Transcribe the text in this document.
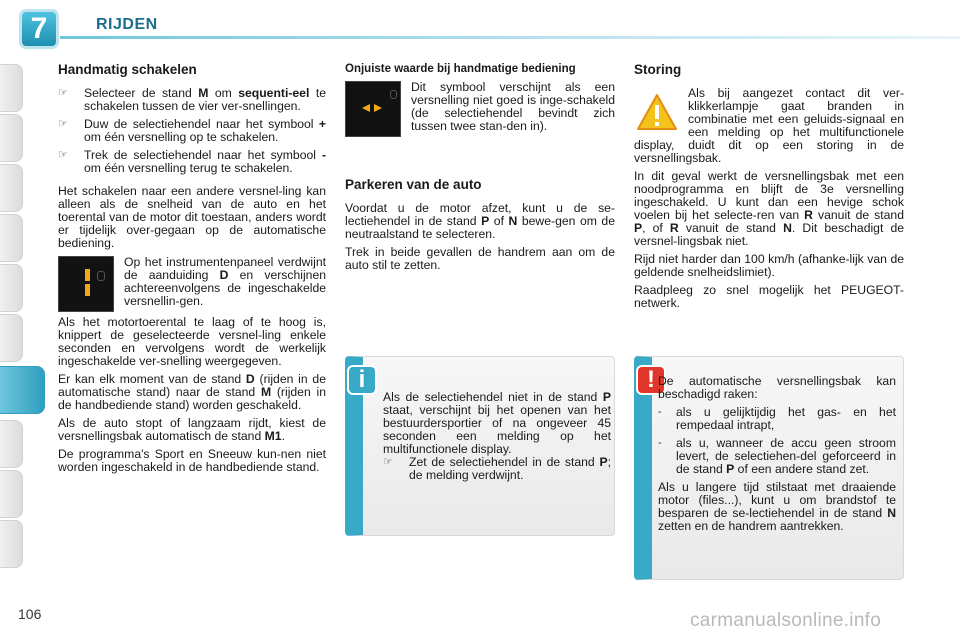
7	RIJDEN
Handmatig schakelen
☞	Selecteer de stand M om sequenti-eel te schakelen tussen de vier ver-snellingen.
☞	Duw de selectiehendel naar het symbool + om één versnelling op te schakelen.
☞	Trek de selectiehendel naar het symbool - om één versnelling terug te schakelen.

Het schakelen naar een andere versnel-ling kan alleen als de snelheid van de auto en het toerental van de motor dit toestaan, anders wordt er tijdelijk over-gegaan op de automatische bediening.

Op het instrumentenpaneel verdwijnt de aanduiding D en verschijnen achtereenvolgens de ingeschakelde versnellin-gen.

Als het motortoerental te laag of te hoog is, knippert de geselecteerde versnel-ling enkele seconden en vervolgens wordt de werkelijk ingeschakelde ver-snelling weergegeven.

Er kan elk moment van de stand D (rijden in de automatische stand) naar de stand M (rijden in de handbediende stand) worden geschakeld.

Als de auto stopt of langzaam rijdt, kiest de versnellingsbak automatisch de stand M1.

De programma's Sport en Sneeuw kun-nen niet worden ingeschakeld in de handbediende stand.

Onjuiste waarde bij handmatige bediening

Dit symbool verschijnt als een versnelling niet goed is inge-schakeld (de selectiehendel bevindt zich tussen twee stan-den in).

Parkeren van de auto

Voordat u de motor afzet, kunt u de se-lectiehendel in de stand P of N bewe-gen om de neutraalstand te selecteren.

Trek in beide gevallen de handrem aan om de auto stil te zetten.

i

Als de selectiehendel niet in de stand P staat, verschijnt bij het openen van het bestuurdersportier of na ongeveer 45 seconden een melding op het multifunctionele display.

☞	Zet de selectiehendel in de stand P; de melding verdwijnt.
Storing

Als bij aangezet contact dit ver-klikkerlampje gaat branden in combinatie met een geluids-signaal en een melding op het multifunctionele display, duidt dit op een storing in de versnellingsbak.

In dit geval werkt de versnellingsbak met een noodprogramma en blijft de 3e versnelling ingeschakeld. U kunt dan een hevige schok voelen bij het selecte-ren van R vanuit de stand P, of R vanuit de stand N. Dit beschadigt de versnel-lingsbak niet.

Rijd niet harder dan 100 km/h (afhanke-lijk van de geldende snelheidslimiet).

Raadpleeg zo snel mogelijk het PEUGEOT-netwerk.

! De automatische versnellingsbak kan beschadigd raken:

-	als u gelijktijdig het gas- en het rempedaal intrapt,
-	als u, wanneer de accu geen stroom levert, de selectiehen-del geforceerd in de stand P of een andere stand zet.

Als u langere tijd stilstaat met draaiende motor (files...), kunt u om brandstof te besparen de se-lectiehendel in de stand N zetten en de handrem aantrekken.

106	carmanualsonline.info
